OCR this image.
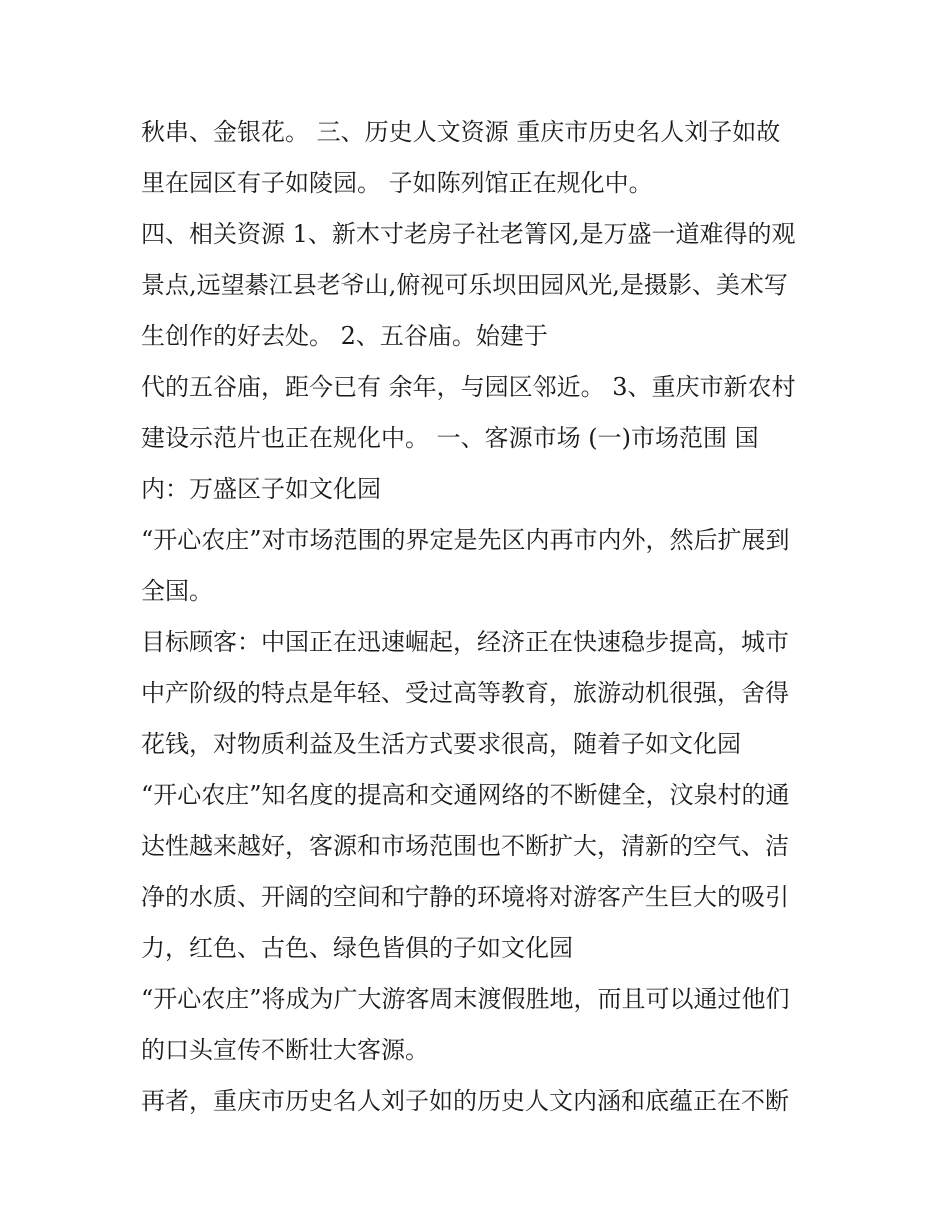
秋串、金银花。 三、历史人文资源 重庆市历史名人刘子如故
里在园区有子如陵园。 子如陈列馆正在规化中。
四、相关资源 1、新木寸老房子社老箐冈,是万盛一道难得的观
景点,远望綦江县老爷山,俯视可乐坝田园风光,是摄影、美术写
生创作的好去处。 2、五谷庙。始建于
代的五谷庙，距今已有 余年，与园区邻近。 3、重庆市新农村
建设示范片也正在规化中。 一、客源市场 (一)市场范围 国
内：万盛区子如文化园
“开心农庄”对市场范围的界定是先区内再市内外，然后扩展到
全国。
目标顾客：中国正在迅速崛起，经济正在快速稳步提高，城市
中产阶级的特点是年轻、受过高等教育，旅游动机很强，舍得
花钱，对物质利益及生活方式要求很高，随着子如文化园
“开心农庄”知名度的提高和交通网络的不断健全，汶泉村的通
达性越来越好，客源和市场范围也不断扩大，清新的空气、洁
净的水质、开阔的空间和宁静的环境将对游客产生巨大的吸引
力，红色、古色、绿色皆俱的子如文化园
“开心农庄”将成为广大游客周末渡假胜地，而且可以通过他们
的口头宣传不断壮大客源。
再者，重庆市历史名人刘子如的历史人文内涵和底蕴正在不断
